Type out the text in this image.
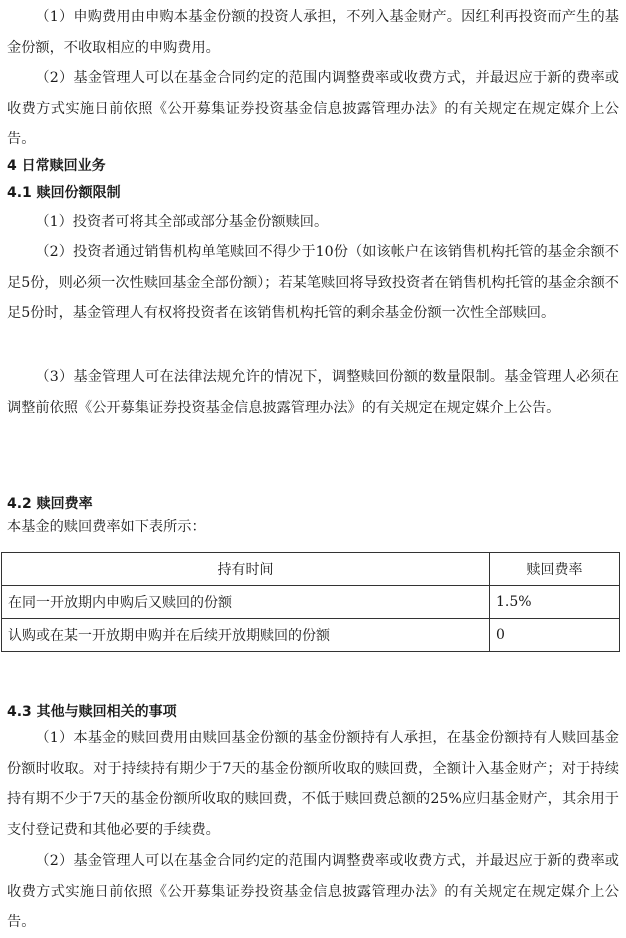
（1）申购费用由申购本基金份额的投资人承担，不列入基金财产。因红利再投资而产生的基金份额，不收取相应的申购费用。

（2）基金管理人可以在基金合同约定的范围内调整费率或收费方式，并最迟应于新的费率或收费方式实施日前依照《公开募集证券投资基金信息披露管理办法》的有关规定在规定媒介上公告。

4 日常赎回业务
4.1 赎回份额限制

（1）投资者可将其全部或部分基金份额赎回。

（2）投资者通过销售机构单笔赎回不得少于10份（如该帐户在该销售机构托管的基金余额不足5份，则必须一次性赎回基金全部份额）；若某笔赎回将导致投资者在销售机构托管的基金余额不足5份时，基金管理人有权将投资者在该销售机构托管的剩余基金份额一次性全部赎回。

（3）基金管理人可在法律法规允许的情况下，调整赎回份额的数量限制。基金管理人必须在调整前依照《公开募集证券投资基金信息披露管理办法》的有关规定在规定媒介上公告。

4.2 赎回费率

本基金的赎回费率如下表所示：

持有时间	赎回费率
在同一开放期内申购后又赎回的份额	1.5%
认购或在某一开放期申购并在后续开放期赎回的份额	0
4.3 其他与赎回相关的事项

（1）本基金的赎回费用由赎回基金份额的基金份额持有人承担，在基金份额持有人赎回基金份额时收取。对于持续持有期少于7天的基金份额所收取的赎回费，全额计入基金财产；对于持续持有期不少于7天的基金份额所收取的赎回费，不低于赎回费总额的25%应归基金财产，其余用于支付登记费和其他必要的手续费。

（2）基金管理人可以在基金合同约定的范围内调整费率或收费方式，并最迟应于新的费率或收费方式实施日前依照《公开募集证券投资基金信息披露管理办法》的有关规定在规定媒介上公告。
